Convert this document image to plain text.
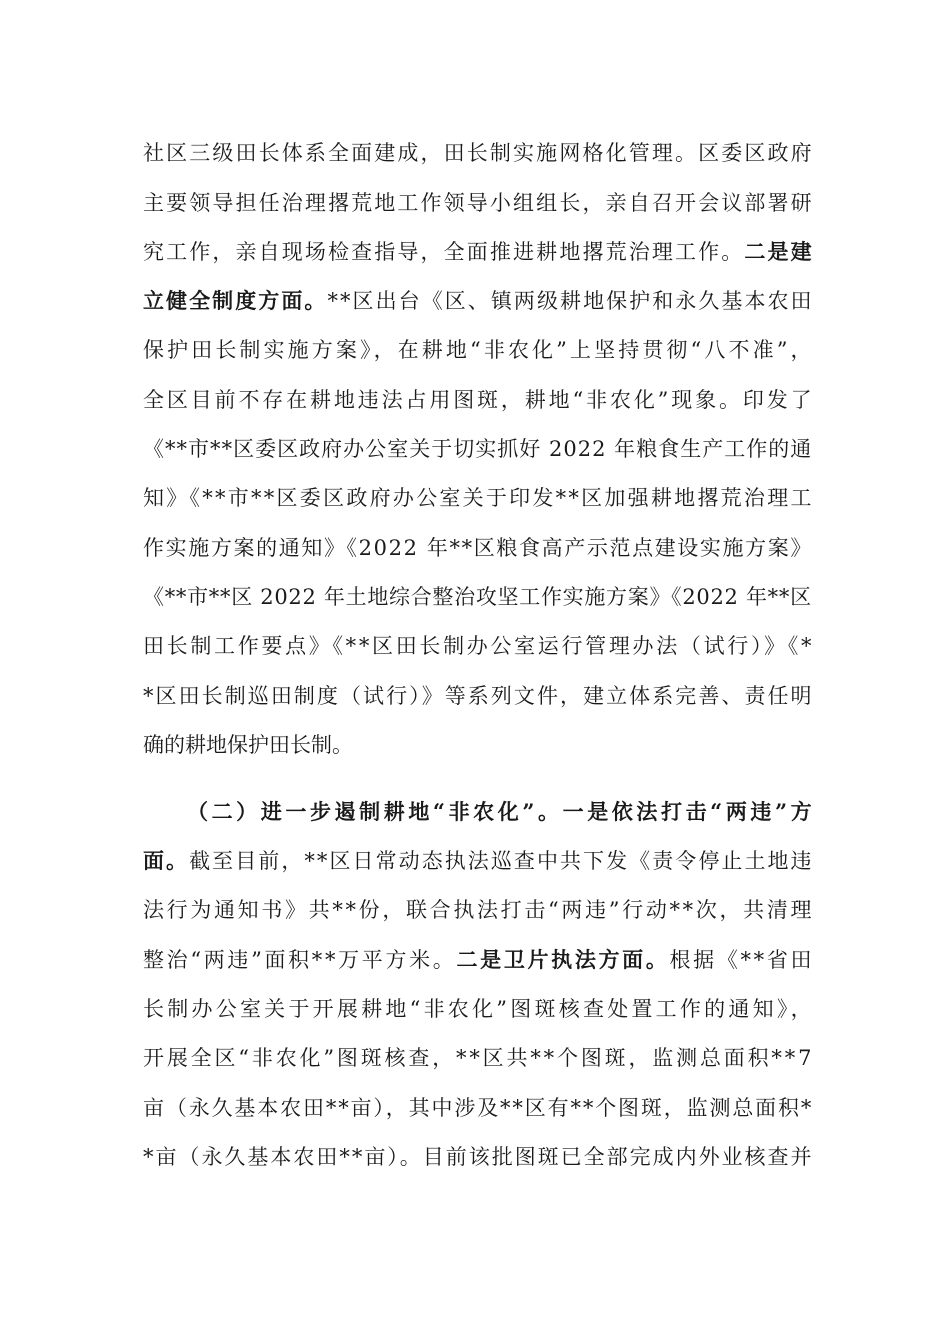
社区三级田长体系全面建成，田长制实施网格化管理。区委区政府
主要领导担任治理撂荒地工作领导小组组长，亲自召开会议部署研
究工作，亲自现场检查指导，全面推进耕地撂荒治理工作。二是建
立健全制度方面。**区出台《区、镇两级耕地保护和永久基本农田
保护田长制实施方案》，在耕地“非农化”上坚持贯彻“八不准”，
全区目前不存在耕地违法占用图斑，耕地“非农化”现象。印发了
《**市**区委区政府办公室关于切实抓好 2022 年粮食生产工作的通
知》《**市**区委区政府办公室关于印发**区加强耕地撂荒治理工
作实施方案的通知》《2022 年**区粮食高产示范点建设实施方案》
《**市**区 2022 年土地综合整治攻坚工作实施方案》《2022 年**区
田长制工作要点》《**区田长制办公室运行管理办法（试行）》《*
*区田长制巡田制度（试行）》等系列文件，建立体系完善、责任明
确的耕地保护田长制。
（二）进一步遏制耕地“非农化”。一是依法打击“两违”方
面。截至目前，**区日常动态执法巡查中共下发《责令停止土地违
法行为通知书》共**份，联合执法打击“两违”行动**次，共清理
整治“两违”面积**万平方米。二是卫片执法方面。根据《**省田
长制办公室关于开展耕地“非农化”图斑核查处置工作的通知》，
开展全区“非农化”图斑核查，**区共**个图斑，监测总面积**7
亩（永久基本农田**亩），其中涉及**区有**个图斑，监测总面积*
*亩（永久基本农田**亩）。目前该批图斑已全部完成内外业核查并
